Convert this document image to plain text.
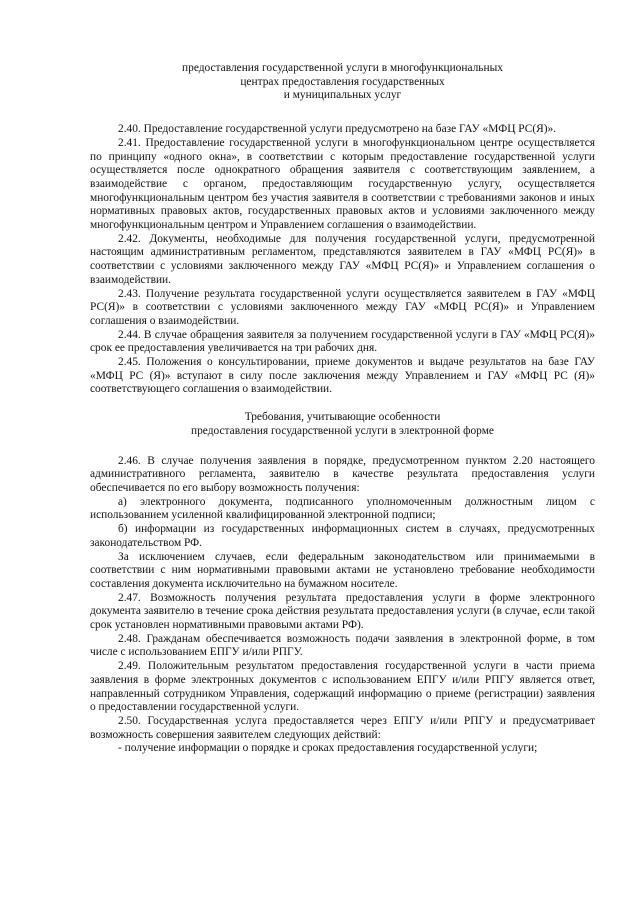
предоставления государственной услуги в многофункциональных
центрах предоставления государственных
и муниципальных услуг

2.40. Предоставление государственной услуги предусмотрено на базе ГАУ «МФЦ РС(Я)».

2.41. Предоставление государственной услуги в многофункциональном центре осуществляется по принципу «одного окна», в соответствии с которым предоставление государственной услуги осуществляется после однократного обращения заявителя с соответствующим заявлением, а взаимодействие с органом, предоставляющим государственную услугу, осуществляется многофункциональным центром без участия заявителя в соответствии с требованиями законов и иных нормативных правовых актов, государственных правовых актов и условиями заключенного между многофункциональным центром и Управлением соглашения о взаимодействии.

2.42. Документы, необходимые для получения государственной услуги, предусмотренной настоящим административным регламентом, представляются заявителем в ГАУ «МФЦ РС(Я)» в соответствии с условиями заключенного между ГАУ «МФЦ РС(Я)» и Управлением соглашения о взаимодействии.

2.43. Получение результата государственной услуги осуществляется заявителем в ГАУ «МФЦ РС(Я)» в соответствии с условиями заключенного между ГАУ «МФЦ РС(Я)» и Управлением соглашения о взаимодействии.

2.44. В случае обращения заявителя за получением государственной услуги в ГАУ «МФЦ РС(Я)» срок ее предоставления увеличивается на три рабочих дня.

2.45. Положения о консультировании, приеме документов и выдаче результатов на базе ГАУ «МФЦ РС (Я)» вступают в силу после заключения между Управлением и ГАУ «МФЦ РС (Я)» соответствующего соглашения о взаимодействии.

Требования, учитывающие особенности
предоставления государственной услуги в электронной форме

2.46. В случае получения заявления в порядке, предусмотренном пунктом 2.20 настоящего административного регламента, заявителю в качестве результата предоставления услуги обеспечивается по его выбору возможность получения:

а) электронного документа, подписанного уполномоченным должностным лицом с использованием усиленной квалифицированной электронной подписи;

б) информации из государственных информационных систем в случаях, предусмотренных законодательством РФ.

За исключением случаев, если федеральным законодательством или принимаемыми в соответствии с ним нормативными правовыми актами не установлено требование необходимости составления документа исключительно на бумажном носителе.

2.47. Возможность получения результата предоставления услуги в форме электронного документа заявителю в течение срока действия результата предоставления услуги (в случае, если такой срок установлен нормативными правовыми актами РФ).

2.48. Гражданам обеспечивается возможность подачи заявления в электронной форме, в том числе с использованием ЕПГУ и/или РПГУ.

2.49. Положительным результатом предоставления государственной услуги в части приема заявления в форме электронных документов с использованием ЕПГУ и/или РПГУ является ответ, направленный сотрудником Управления, содержащий информацию о приеме (регистрации) заявления о предоставлении государственной услуги.

2.50. Государственная услуга предоставляется через ЕПГУ и/или РПГУ и предусматривает возможность совершения заявителем следующих действий:

- получение информации о порядке и сроках предоставления государственной услуги;
